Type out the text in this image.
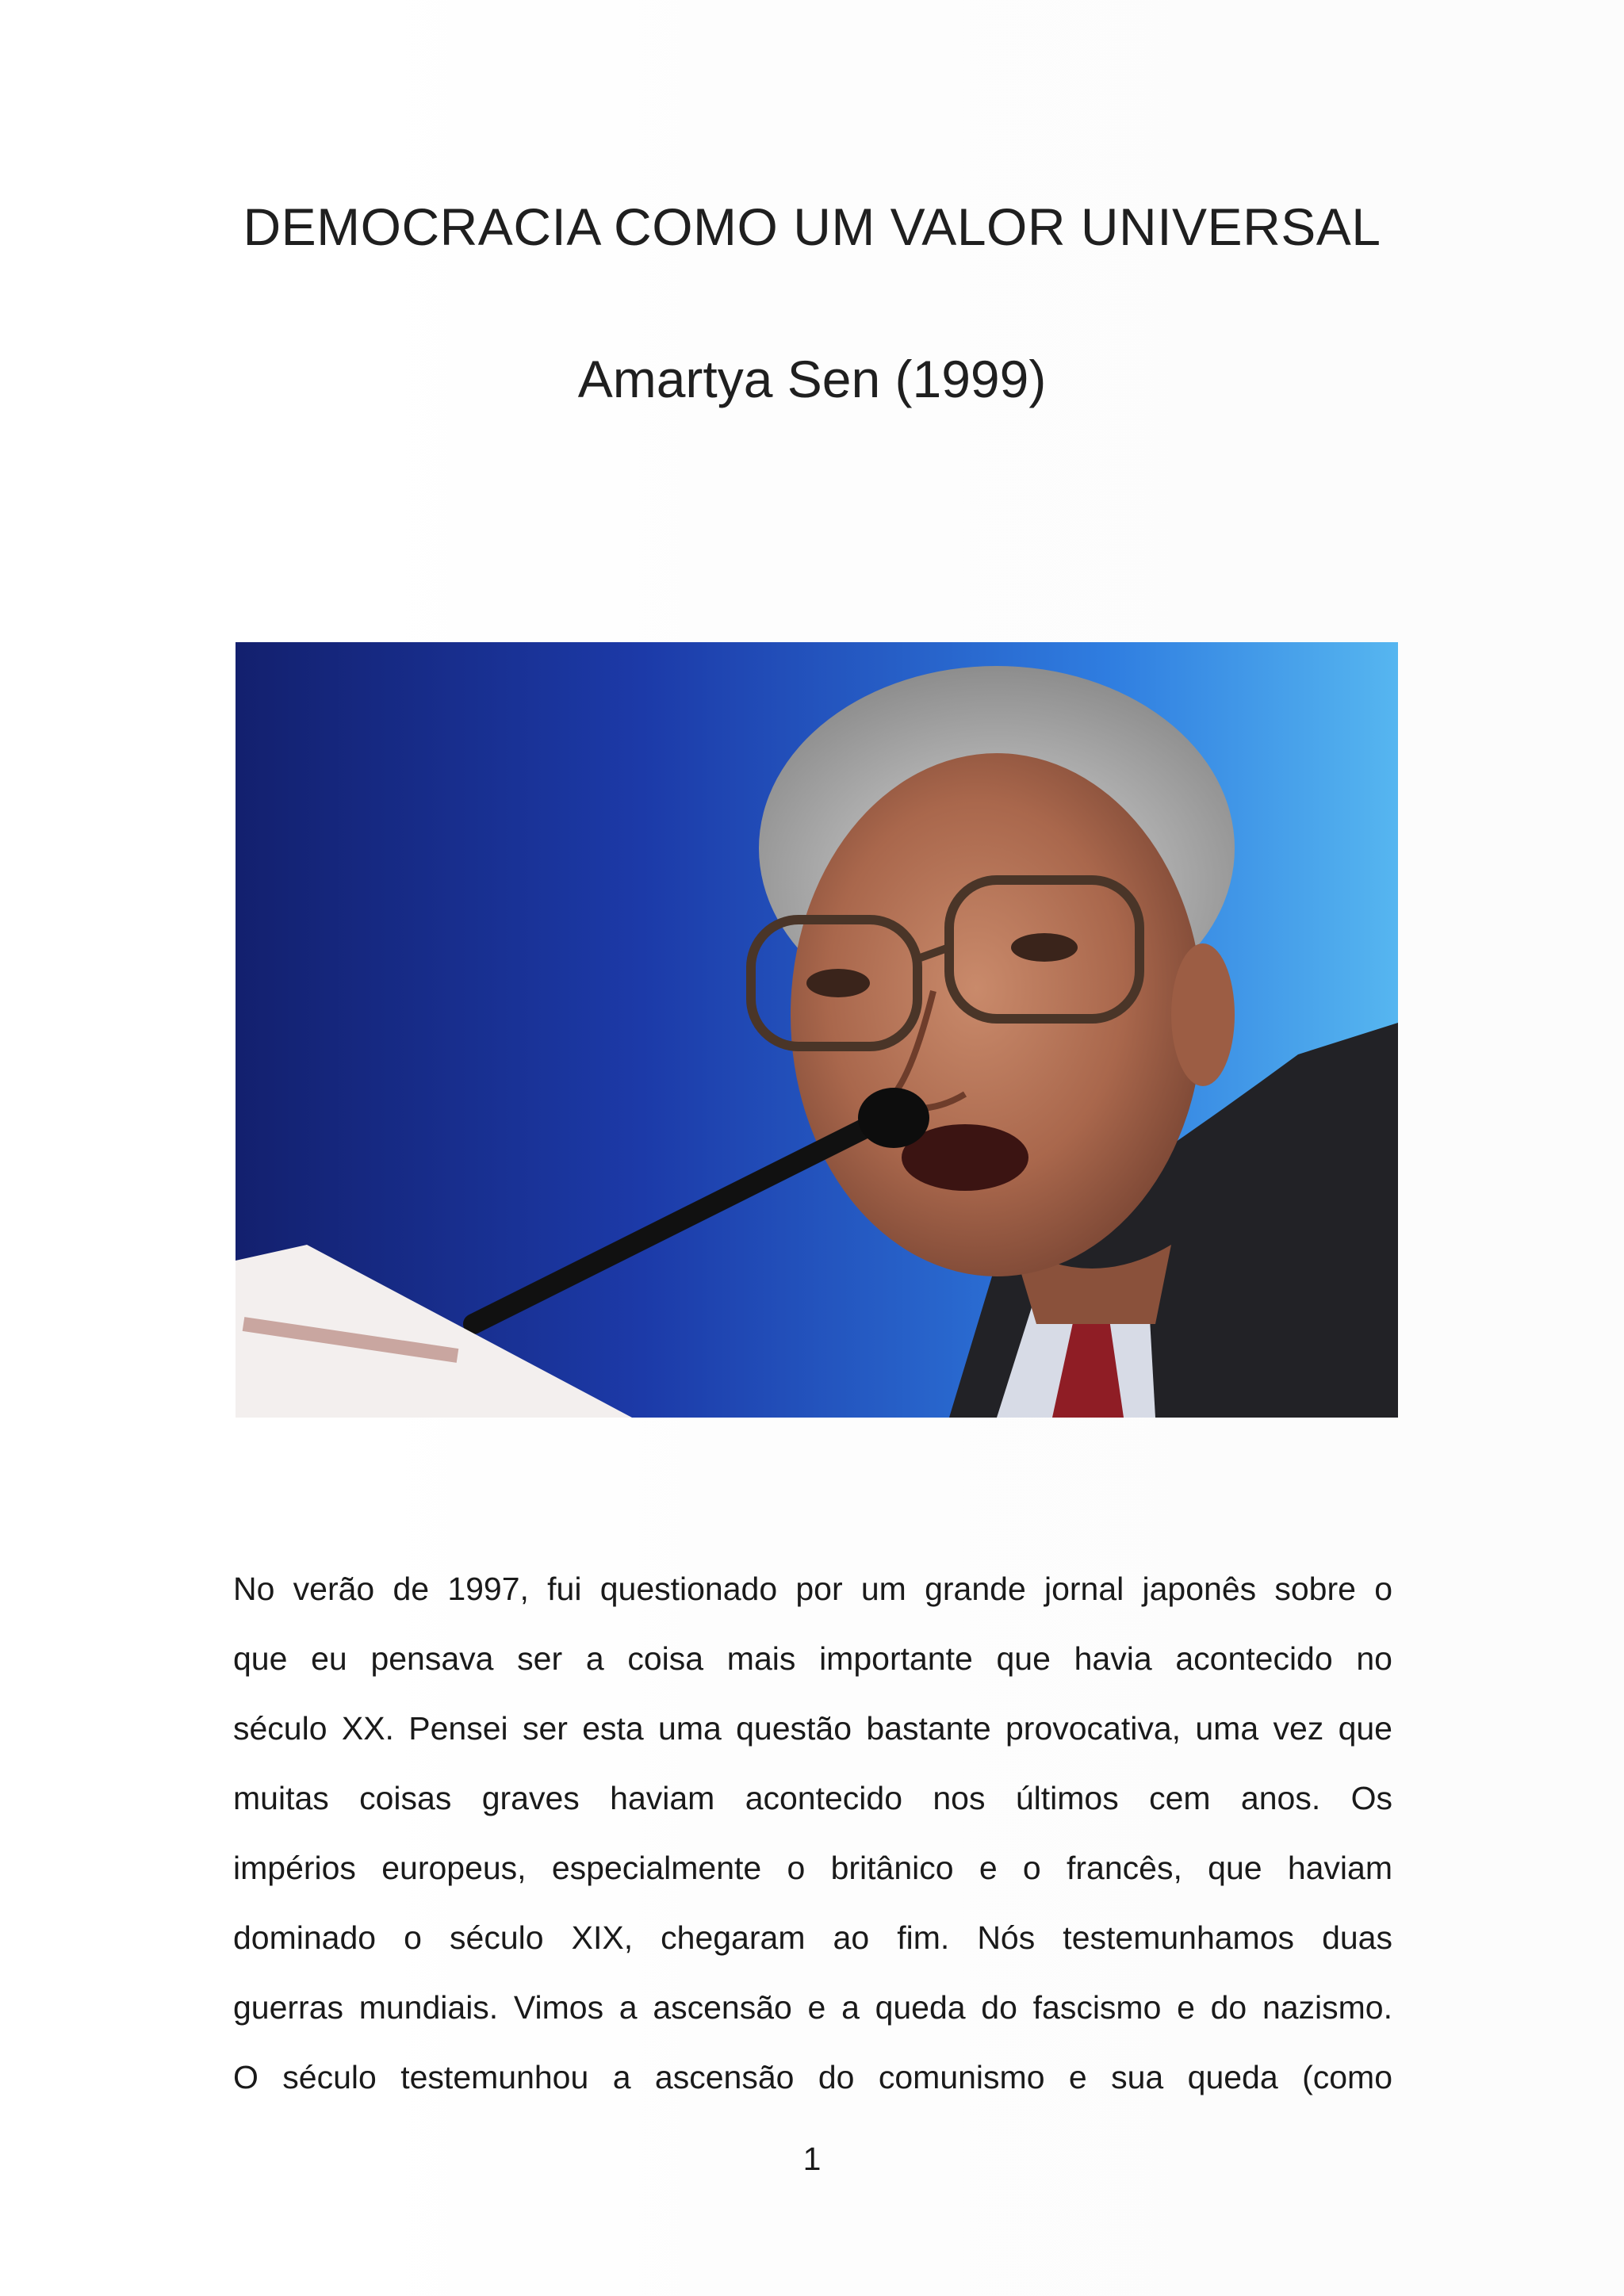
DEMOCRACIA COMO UM VALOR UNIVERSAL
Amartya Sen (1999)
No verão de 1997, fui questionado por um grande jornal japonês sobre o
que eu pensava ser a coisa mais importante que havia acontecido no
século XX. Pensei ser esta uma questão bastante provocativa, uma vez que
muitas coisas graves haviam acontecido nos últimos cem anos. Os
impérios europeus, especialmente o britânico e o francês, que haviam
dominado o século XIX, chegaram ao fim. Nós testemunhamos duas
guerras mundiais. Vimos a ascensão e a queda do fascismo e do nazismo.
O século testemunhou a ascensão do comunismo e sua queda (como
1
